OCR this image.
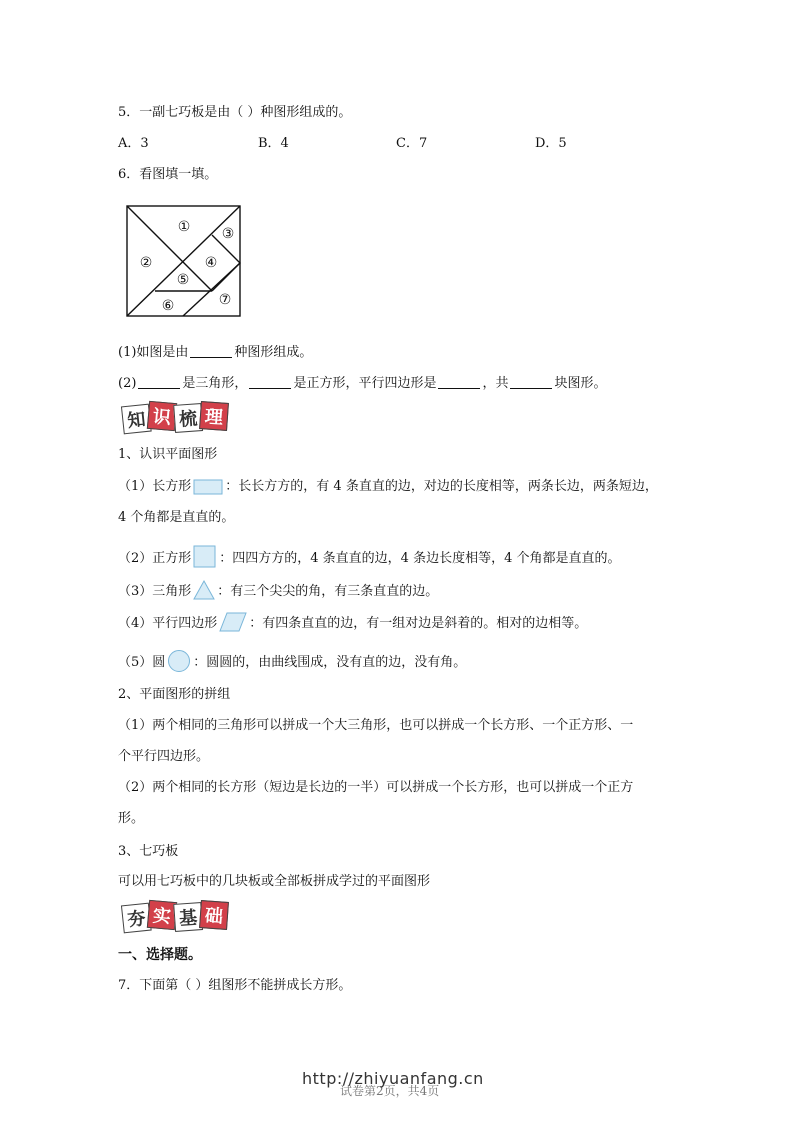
5．一副七巧板是由（ ）种图形组成的。
A．3	B．4	C．7	D．5
6．看图填一填。
①
②
③
④
⑤
⑥	⑦
(1)如图是由	种图形组成。
(2)	是三角形，	是正方形，平行四边形是	，共	块图形。
知 识 梳 理
1、认识平面图形
（1）长方形	：长长方方的，有 4 条直直的边，对边的长度相等，两条长边，两条短边，
4 个角都是直直的。
（2）正方形 ：四四方方的，4 条直直的边，4 条边长度相等，4 个角都是直直的。
（3）三角形 ：有三个尖尖的角，有三条直直的边。
（4）平行四边形 ：有四条直直的边，有一组对边是斜着的。相对的边相等。
（5）圆 ：圆圆的，由曲线围成，没有直的边，没有角。
2、平面图形的拼组
（1）两个相同的三角形可以拼成一个大三角形，也可以拼成一个长方形、一个正方形、一
个平行四边形。
（2）两个相同的长方形（短边是长边的一半）可以拼成一个长方形，也可以拼成一个正方
形。
3、七巧板
可以用七巧板中的几块板或全部板拼成学过的平面图形
夯 实 基 础
一、选择题。
7．下面第（ ）组图形不能拼成长方形。
试卷第2页，共4页
http://zhiyuanfang.cn
